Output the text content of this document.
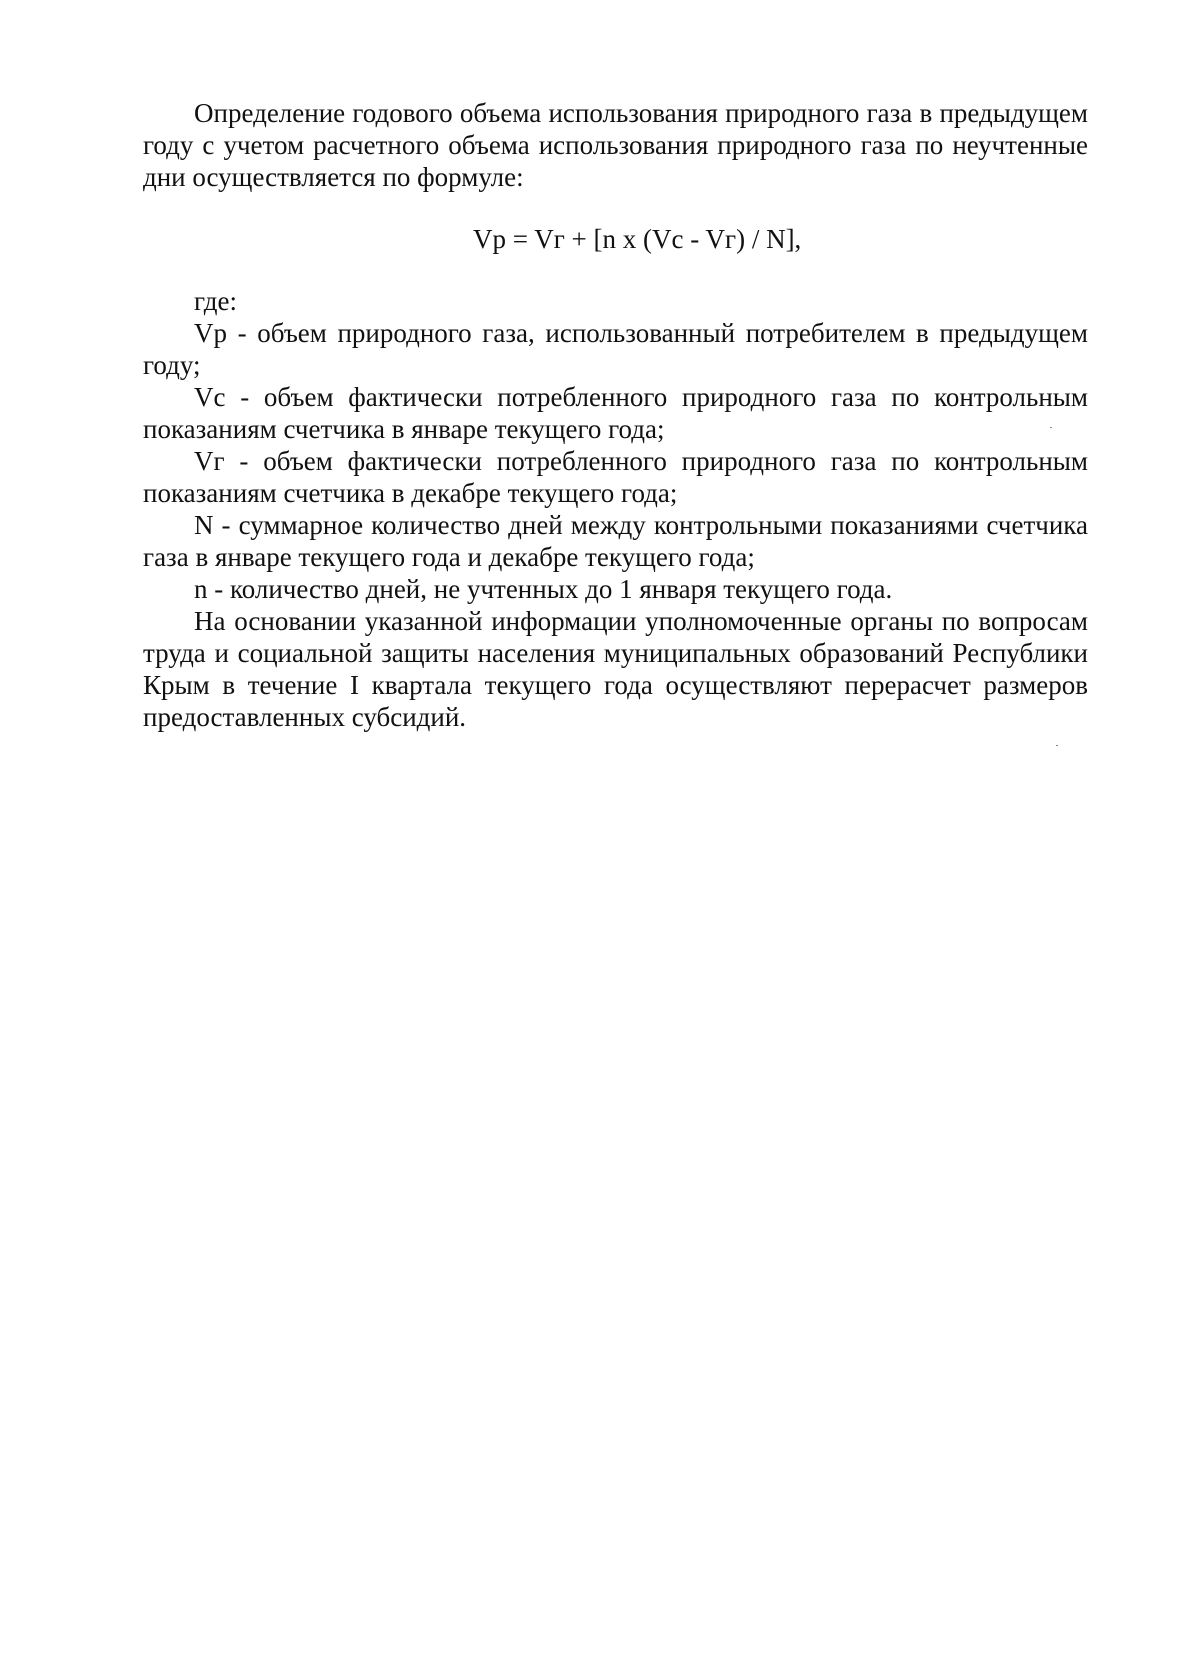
Определение годового объема использования природного газа в предыдущем году с учетом расчетного объема использования природного газа по неучтенные дни осуществляется по формуле:

Vp = Vг + [n x (Vc - Vг) / N],

где:

Vp - объем природного газа, использованный потребителем в предыдущем году;

Vc - объем фактически потребленного природного газа по контрольным показаниям счетчика в январе текущего года;

Vг - объем фактически потребленного природного газа по контрольным показаниям счетчика в декабре текущего года;

N - суммарное количество дней между контрольными показаниями счетчика газа в январе текущего года и декабре текущего года;

n - количество дней, не учтенных до 1 января текущего года.

На основании указанной информации уполномоченные органы по вопросам труда и социальной защиты населения муниципальных образований Республики Крым в течение I квартала текущего года осуществляют перерасчет размеров предоставленных субсидий.
